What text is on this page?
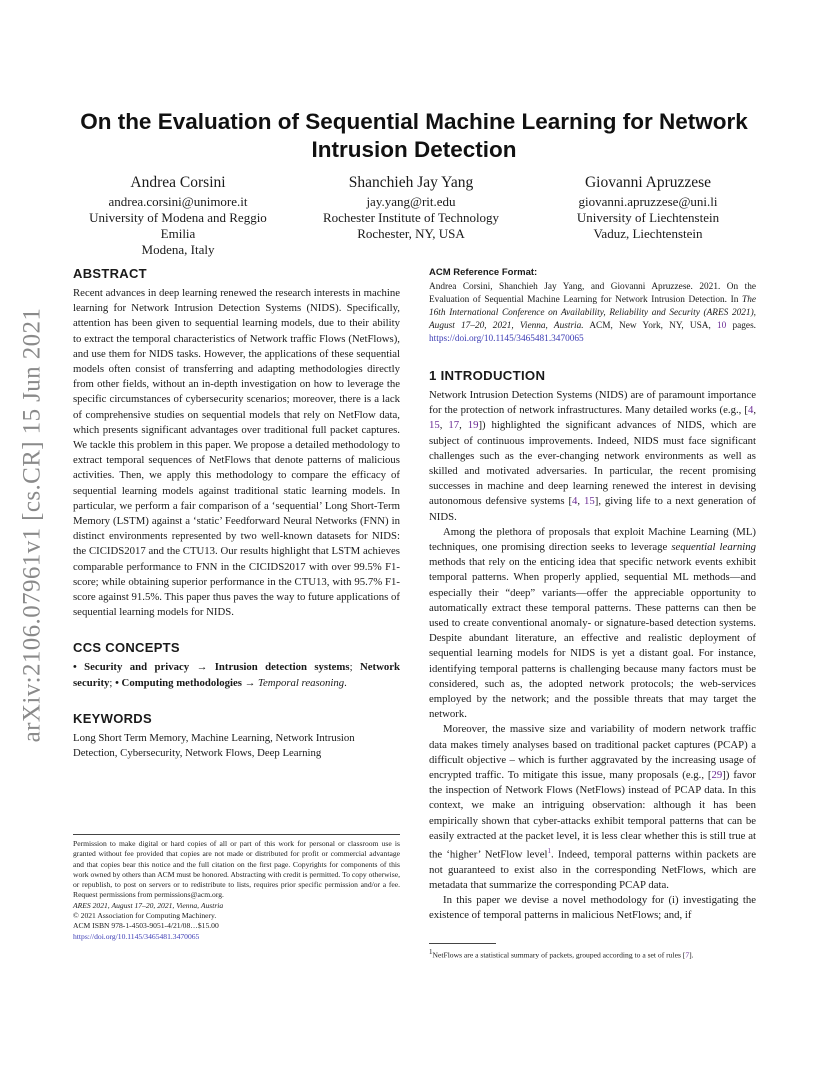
arXiv:2106.07961v1 [cs.CR] 15 Jun 2021
On the Evaluation of Sequential Machine Learning for Network
Intrusion Detection
Andrea Corsini
andrea.corsini@unimore.it
University of Modena and Reggio
Emilia
Modena, Italy
Shanchieh Jay Yang
jay.yang@rit.edu
Rochester Institute of Technology
Rochester, NY, USA
Giovanni Apruzzese
giovanni.apruzzese@uni.li
University of Liechtenstein
Vaduz, Liechtenstein
ABSTRACT

Recent advances in deep learning renewed the research interests in machine learning for Network Intrusion Detection Systems (NIDS). Specifically, attention has been given to sequential learning models, due to their ability to extract the temporal characteristics of Network traffic Flows (NetFlows), and use them for NIDS tasks. However, the applications of these sequential models often consist of transferring and adapting methodologies directly from other fields, without an in-depth investigation on how to leverage the specific circumstances of cybersecurity scenarios; moreover, there is a lack of comprehensive studies on sequential models that rely on NetFlow data, which presents significant advantages over traditional full packet captures. We tackle this problem in this paper. We propose a detailed methodology to extract temporal sequences of NetFlows that denote patterns of malicious activities. Then, we apply this methodology to compare the efficacy of sequential learning models against traditional static learning models. In particular, we perform a fair comparison of a ‘sequential’ Long Short-Term Memory (LSTM) against a ‘static’ Feedforward Neural Networks (FNN) in distinct environments represented by two well-known datasets for NIDS: the CICIDS2017 and the CTU13. Our results highlight that LSTM achieves comparable performance to FNN in the CICIDS2017 with over 99.5% F1-score; while obtaining superior performance in the CTU13, with 95.7% F1-score against 91.5%. This paper thus paves the way to future applications of sequential learning models for NIDS.

CCS CONCEPTS

• Security and privacy → Intrusion detection systems; Network security; • Computing methodologies → Temporal reasoning.

KEYWORDS

Long Short Term Memory, Machine Learning, Network Intrusion Detection, Cybersecurity, Network Flows, Deep Learning

Permission to make digital or hard copies of all or part of this work for personal or classroom use is granted without fee provided that copies are not made or distributed for profit or commercial advantage and that copies bear this notice and the full citation on the first page. Copyrights for components of this work owned by others than ACM must be honored. Abstracting with credit is permitted. To copy otherwise, or republish, to post on servers or to redistribute to lists, requires prior specific permission and/or a fee. Request permissions from permissions@acm.org.

ARES 2021, August 17–20, 2021, Vienna, Austria

© 2021 Association for Computing Machinery.

ACM ISBN 978-1-4503-9051-4/21/08…$15.00

https://doi.org/10.1145/3465481.3470065

ACM Reference Format:

Andrea Corsini, Shanchieh Jay Yang, and Giovanni Apruzzese. 2021. On the Evaluation of Sequential Machine Learning for Network Intrusion Detection. In The 16th International Conference on Availability, Reliability and Security (ARES 2021), August 17–20, 2021, Vienna, Austria. ACM, New York, NY, USA, 10 pages. https://doi.org/10.1145/3465481.3470065

1 INTRODUCTION

Network Intrusion Detection Systems (NIDS) are of paramount importance for the protection of network infrastructures. Many detailed works (e.g., [4, 15, 17, 19]) highlighted the significant advances of NIDS, which are subject of continuous improvements. Indeed, NIDS must face significant challenges such as the ever-changing network environments as well as skilled and motivated adversaries. In particular, the recent promising successes in machine and deep learning renewed the interest in devising autonomous defensive systems [4, 15], giving life to a next generation of NIDS.

Among the plethora of proposals that exploit Machine Learning (ML) techniques, one promising direction seeks to leverage sequential learning methods that rely on the enticing idea that specific network events exhibit temporal patterns. When properly applied, sequential ML methods—and especially their “deep” variants—offer the appreciable opportunity to automatically extract these temporal patterns. These patterns can then be used to create conventional anomaly- or signature-based detection systems. Despite abundant literature, an effective and realistic deployment of sequential learning models for NIDS is yet a distant goal. For instance, identifying temporal patterns is challenging because many factors must be considered, such as, the adopted network protocols; the web-services employed by the network; and the possible threats that may target the network.

Moreover, the massive size and variability of modern network traffic data makes timely analyses based on traditional packet captures (PCAP) a difficult objective – which is further aggravated by the increasing usage of encrypted traffic. To mitigate this issue, many proposals (e.g., [29]) favor the inspection of Network Flows (NetFlows) instead of PCAP data. In this context, we make an intriguing observation: although it has been empirically shown that cyber-attacks exhibit temporal patterns that can be easily extracted at the packet level, it is less clear whether this is still true at the ‘higher’ NetFlow level$^1$. Indeed, temporal patterns within packets are not guaranteed to exist also in the corresponding NetFlows, which are metadata that summarize the corresponding PCAP data.

In this paper we devise a novel methodology for (i) investigating the existence of temporal patterns in malicious NetFlows; and, if

$^1$NetFlows are a statistical summary of packets, grouped according to a set of rules [7].
